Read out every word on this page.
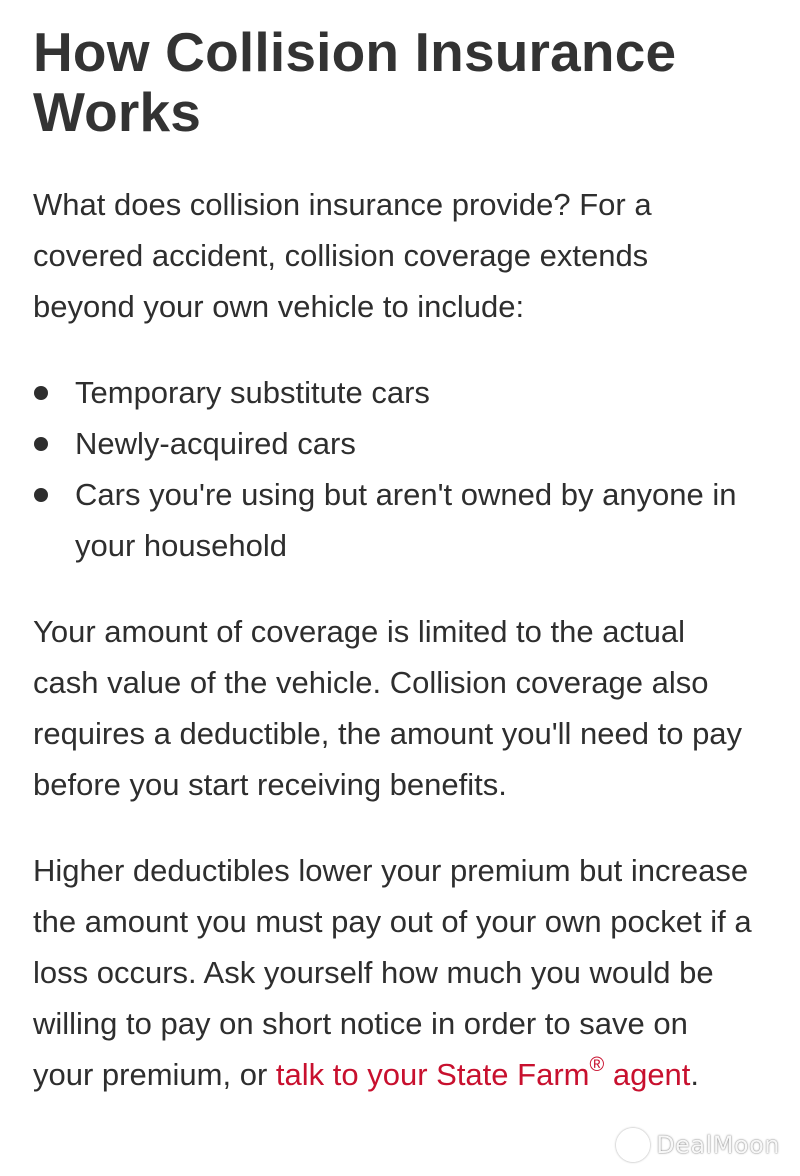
How Collision Insurance Works

What does collision insurance provide? For a covered accident, collision coverage extends beyond your own vehicle to include:

Temporary substitute cars
Newly-acquired cars
Cars you're using but aren't owned by anyone in your household

Your amount of coverage is limited to the actual cash value of the vehicle. Collision coverage also requires a deductible, the amount you'll need to pay before you start receiving benefits.

Higher deductibles lower your premium but increase the amount you must pay out of your own pocket if a loss occurs. Ask yourself how much you would be willing to pay on short notice in order to save on your premium, or talk to your State Farm® agent.

DealMoon
